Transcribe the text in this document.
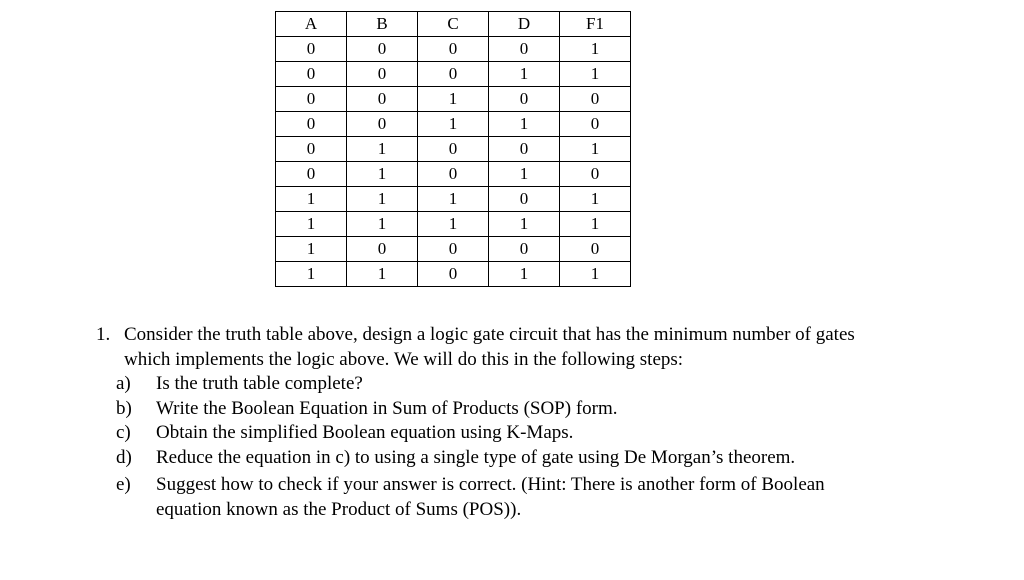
A	B	C	D	F1
0	0	0	0	1
0	0	0	1	1
0	0	1	0	0
0	0	1	1	0
0	1	0	0	1
0	1	0	1	0
1	1	1	0	1
1	1	1	1	1
1	0	0	0	0
1	1	0	1	1
1. Consider the truth table above, design a logic gate circuit that has the minimum number of gates which implements the logic above. We will do this in the following steps:
a)	Is the truth table complete?
b)	Write the Boolean Equation in Sum of Products (SOP) form.
c)	Obtain the simplified Boolean equation using K-Maps.
d)	Reduce the equation in c) to using a single type of gate using De Morgan’s theorem.
e)	Suggest how to check if your answer is correct. (Hint: There is another form of Boolean equation known as the Product of Sums (POS)).
